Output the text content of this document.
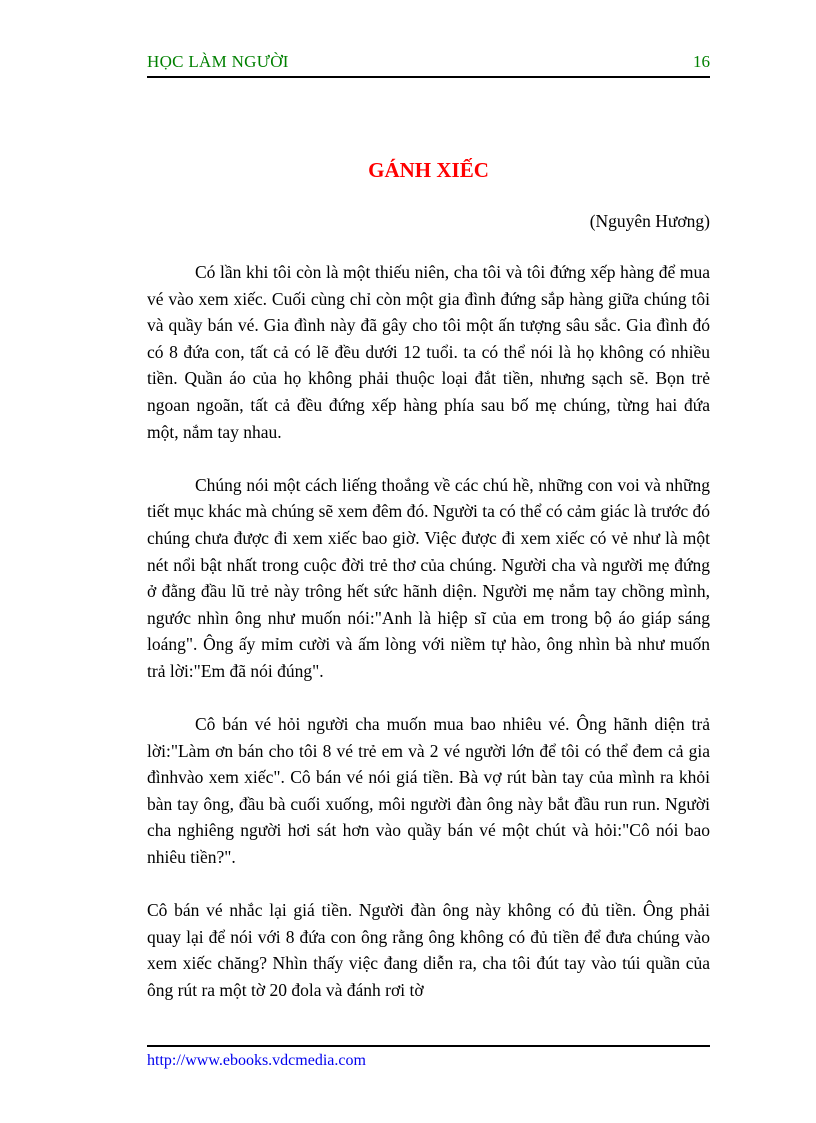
HỌC LÀM NGƯỜI	16
GÁNH XIẾC
(Nguyên Hương)

Có lần khi tôi còn là một thiếu niên, cha tôi và tôi đứng xếp hàng để mua vé vào xem xiếc. Cuối cùng chỉ còn một gia đình đứng sắp hàng giữa chúng tôi và quầy bán vé. Gia đình này đã gây cho tôi một ấn tượng sâu sắc. Gia đình đó có 8 đứa con, tất cả có lẽ đều dưới 12 tuổi. ta có thể nói là họ không có nhiều tiền. Quần áo của họ không phải thuộc loại đắt tiền, nhưng sạch sẽ. Bọn trẻ ngoan ngoãn, tất cả đều đứng xếp hàng phía sau bố mẹ chúng, từng hai đứa một, nắm tay nhau.

Chúng nói một cách liếng thoắng về các chú hề, những con voi và những tiết mục khác mà chúng sẽ xem đêm đó. Người ta có thể có cảm giác là trước đó chúng chưa được đi xem xiếc bao giờ. Việc được đi xem xiếc có vẻ như là một nét nổi bật nhất trong cuộc đời trẻ thơ của chúng. Người cha và người mẹ đứng ở đằng đầu lũ trẻ này trông hết sức hãnh diện. Người mẹ nắm tay chồng mình, ngước nhìn ông như muốn nói:"Anh là hiệp sĩ của em trong bộ áo giáp sáng loáng". Ông ấy mỉm cười và ấm lòng với niềm tự hào, ông nhìn bà như muốn trả lời:"Em đã nói đúng".

Cô bán vé hỏi người cha muốn mua bao nhiêu vé. Ông hãnh diện trả lời:"Làm ơn bán cho tôi 8 vé trẻ em và 2 vé người lớn để tôi có thể đem cả gia đìnhvào xem xiếc". Cô bán vé nói giá tiền. Bà vợ rút bàn tay của mình ra khỏi bàn tay ông, đầu bà cuối xuống, môi người đàn ông này bắt đầu run run. Người cha nghiêng người hơi sát hơn vào quầy bán vé một chút và hỏi:"Cô nói bao nhiêu tiền?".

Cô bán vé nhắc lại giá tiền. Người đàn ông này không có đủ tiền. Ông phải quay lại để nói với 8 đứa con ông rằng ông không có đủ tiền để đưa chúng vào xem xiếc chăng? Nhìn thấy việc đang diễn ra, cha tôi đút tay vào túi quần của ông rút ra một tờ 20 đola và đánh rơi tờ

http://www.ebooks.vdcmedia.com
